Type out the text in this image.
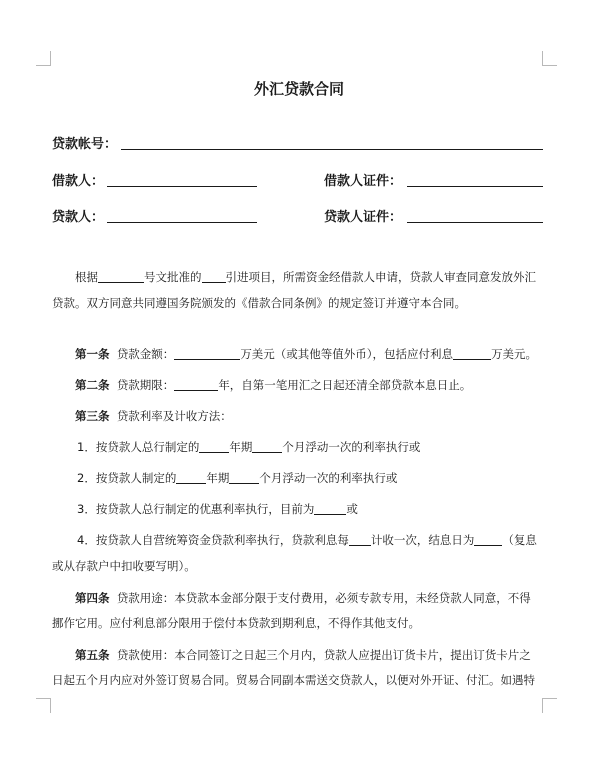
外汇贷款合同
贷款帐号：
借款人：	借款人证件：
贷款人：	贷款人证件：
根据	号文批准的 引进项目，所需资金经借款人申请，贷款人审查同意发放外汇
贷款。双方同意共同遵国务院颁发的《借款合同条例》的规定签订并遵守本合同。
第一条 贷款金额：	万美元（或其他等值外币），包括应付利息	万美元。
第二条 贷款期限：	年，自第一笔用汇之日起还清全部贷款本息日止。
第三条 贷款利率及计收方法：
1．按贷款人总行制定的	年期	个月浮动一次的利率执行或
2．按贷款人制定的	年期	个月浮动一次的利率执行或
3．按贷款人总行制定的优惠利率执行，目前为	或
4．按贷款人自营统筹资金贷款利率执行，贷款利息每 计收一次，结息日为 （复息
或从存款户中扣收要写明）。
第四条 贷款用途：本贷款本金部分限于支付费用，必须专款专用，未经贷款人同意，不得
挪作它用。应付利息部分限用于偿付本贷款到期利息，不得作其他支付。
第五条 贷款使用：本合同签订之日起三个月内，贷款人应提出订货卡片，提出订货卡片之
日起五个月内应对外签订贸易合同。贸易合同副本需送交贷款人，以便对外开证、付汇。如遇特
